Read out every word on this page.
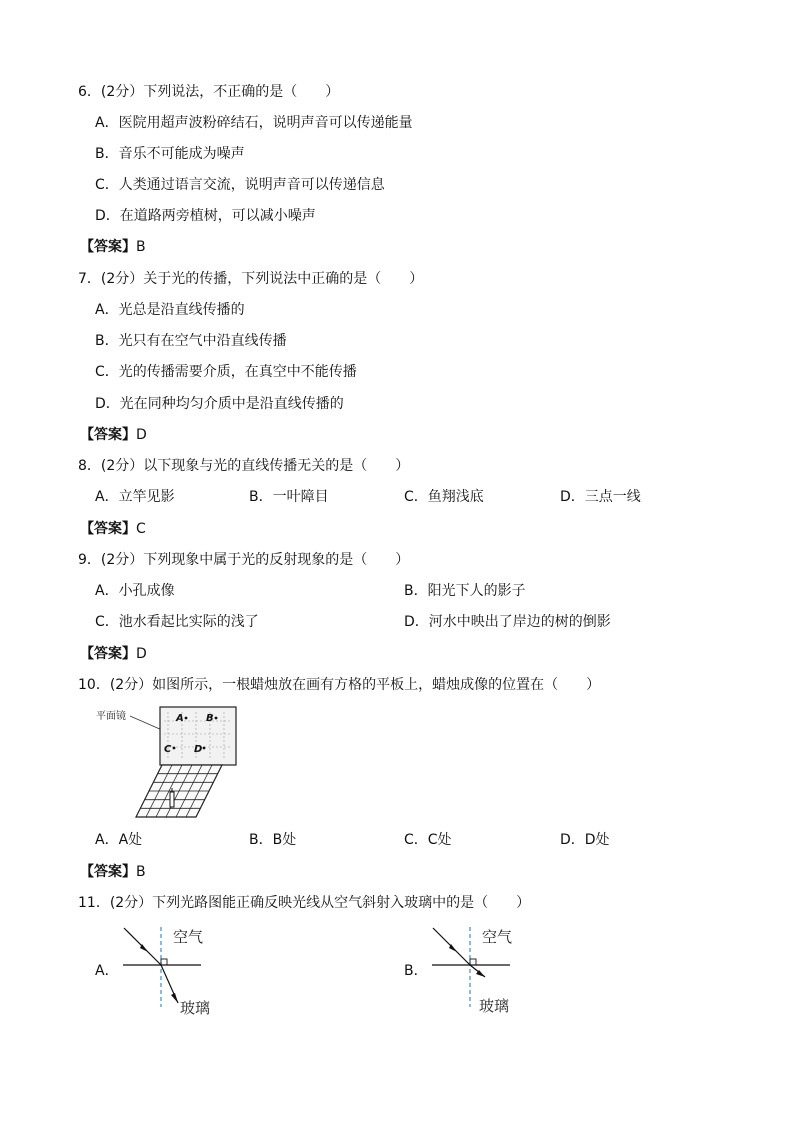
6．(2分）下列说法，不正确的是（　　）
A．医院用超声波粉碎结石，说明声音可以传递能量
B．音乐不可能成为噪声
C．人类通过语言交流，说明声音可以传递信息
D．在道路两旁植树，可以减小噪声
【答案】B
7．(2分）关于光的传播，下列说法中正确的是（　　）
A．光总是沿直线传播的
B．光只有在空气中沿直线传播
C．光的传播需要介质，在真空中不能传播
D．光在同种均匀介质中是沿直线传播的
【答案】D
8．(2分）以下现象与光的直线传播无关的是（　　）
A．立竿见影	B．一叶障目	C．鱼翔浅底	D．三点一线
【答案】C
9．(2分）下列现象中属于光的反射现象的是（　　）
A．小孔成像	B．阳光下人的影子
C．池水看起比实际的浅了	D．河水中映出了岸边的树的倒影
【答案】D
10．(2分）如图所示，一根蜡烛放在画有方格的平板上，蜡烛成像的位置在（　　）
平面镜	A B
C D
A．A处	B．B处	C．C处	D．D处
【答案】B
11．(2分）下列光路图能正确反映光线从空气斜射入玻璃中的是（　　）
A．
空气
玻璃
B．
空气
玻璃
